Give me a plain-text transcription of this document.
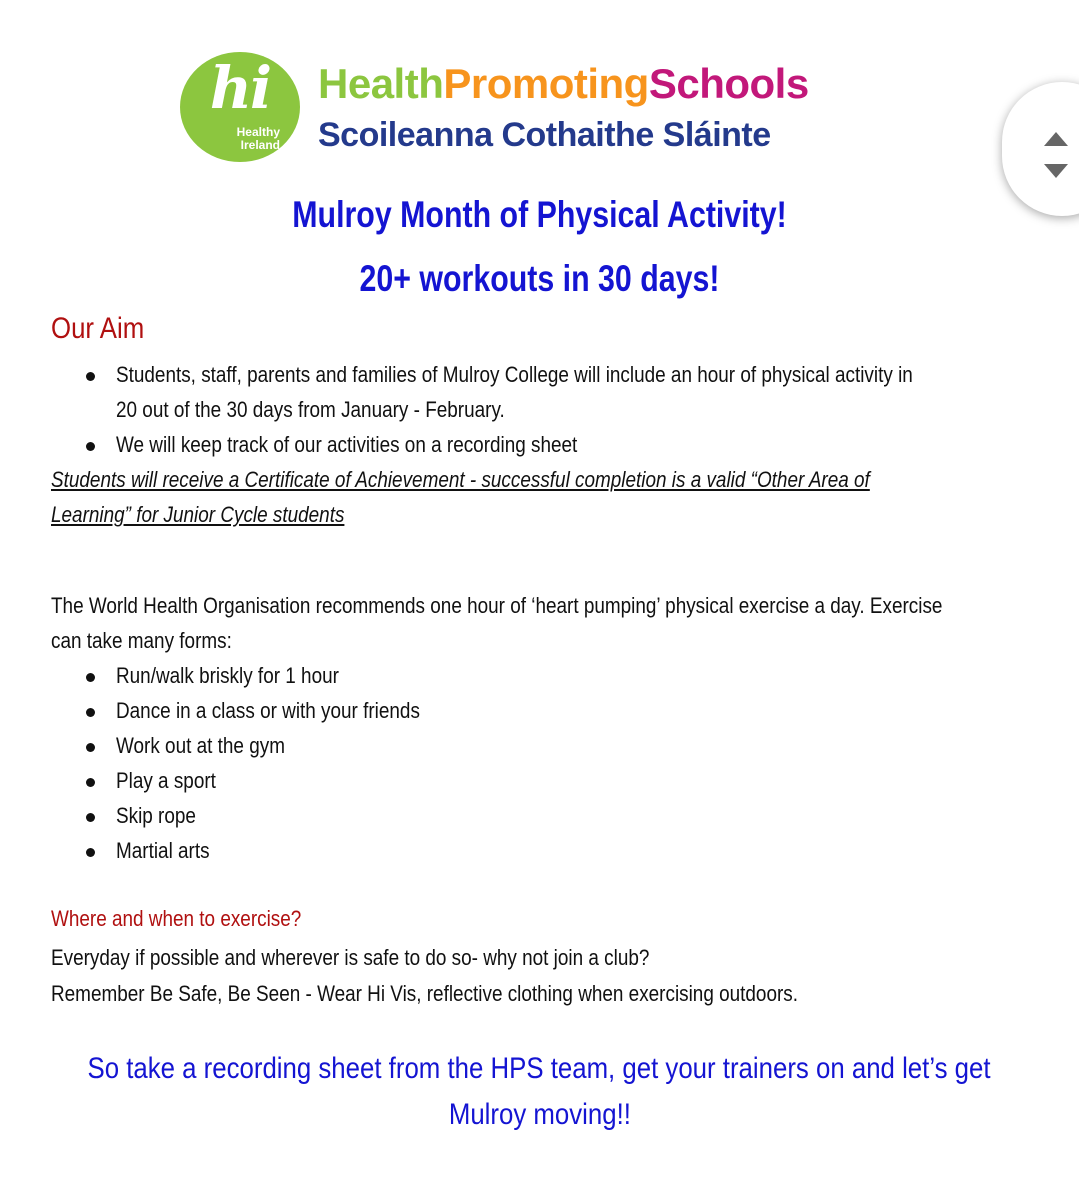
hi
Healthy
Ireland
HealthPromotingSchools
Scoileanna Cothaithe Sláinte
Mulroy Month of Physical Activity!
20+ workouts in 30 days!
Our Aim
Students, staff, parents and families of Mulroy College will include an hour of physical activity in
20 out of the 30 days from January - February.
We will keep track of our activities on a recording sheet
Students will receive a Certificate of Achievement - successful completion is a valid “Other Area of
Learning” for Junior Cycle students
The World Health Organisation recommends one hour of ‘heart pumping’ physical exercise a day. Exercise
can take many forms:
Run/walk briskly for 1 hour
Dance in a class or with your friends
Work out at the gym
Play a sport
Skip rope
Martial arts
Where and when to exercise?
Everyday if possible and wherever is safe to do so- why not join a club?
Remember Be Safe, Be Seen - Wear Hi Vis, reflective clothing when exercising outdoors.
So take a recording sheet from the HPS team, get your trainers on and let’s get
Mulroy moving!!
